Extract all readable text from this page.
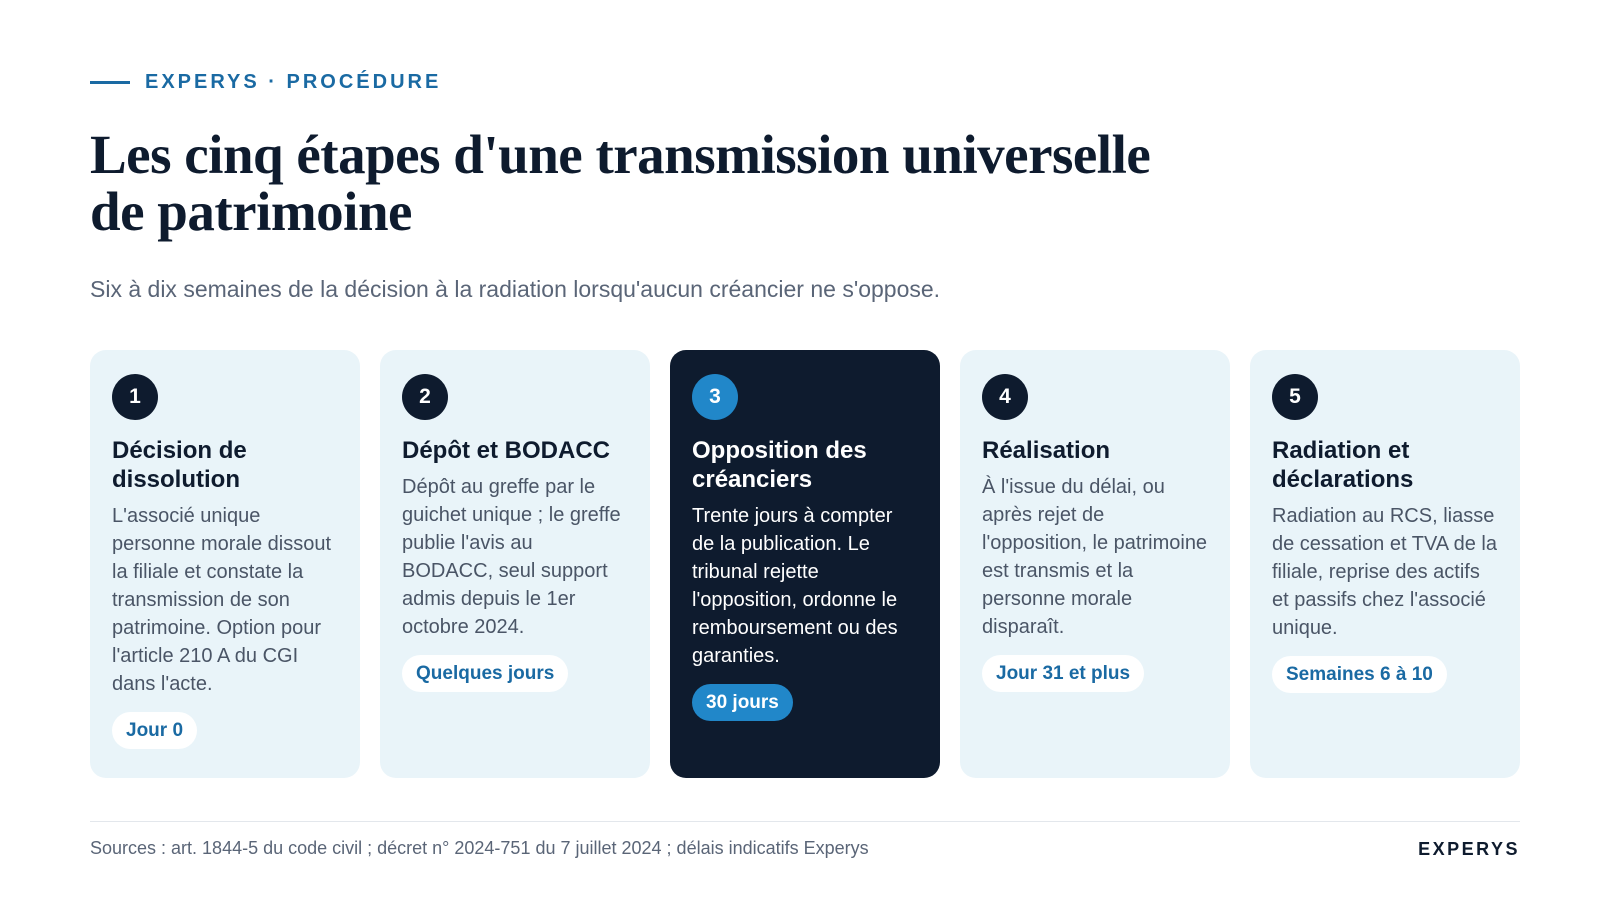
EXPERYS · PROCÉDURE
Les cinq étapes d'une transmission universelle de patrimoine

Six à dix semaines de la décision à la radiation lorsqu'aucun créancier ne s'oppose.

1
Décision de dissolution
L'associé unique personne morale dissout la filiale et constate la transmission de son patrimoine. Option pour l'article 210 A du CGI dans l'acte.
Jour 0
2
Dépôt et BODACC
Dépôt au greffe par le guichet unique ; le greffe publie l'avis au BODACC, seul support admis depuis le 1er octobre 2024.
Quelques jours
3
Opposition des créanciers
Trente jours à compter de la publication. Le tribunal rejette l'opposition, ordonne le remboursement ou des garanties.
30 jours
4
Réalisation
À l'issue du délai, ou après rejet de l'opposition, le patrimoine est transmis et la personne morale disparaît.
Jour 31 et plus
5
Radiation et déclarations
Radiation au RCS, liasse de cessation et TVA de la filiale, reprise des actifs et passifs chez l'associé unique.
Semaines 6 à 10
Sources : art. 1844-5 du code civil ; décret n° 2024-751 du 7 juillet 2024 ; délais indicatifs Experys	EXPERYS
